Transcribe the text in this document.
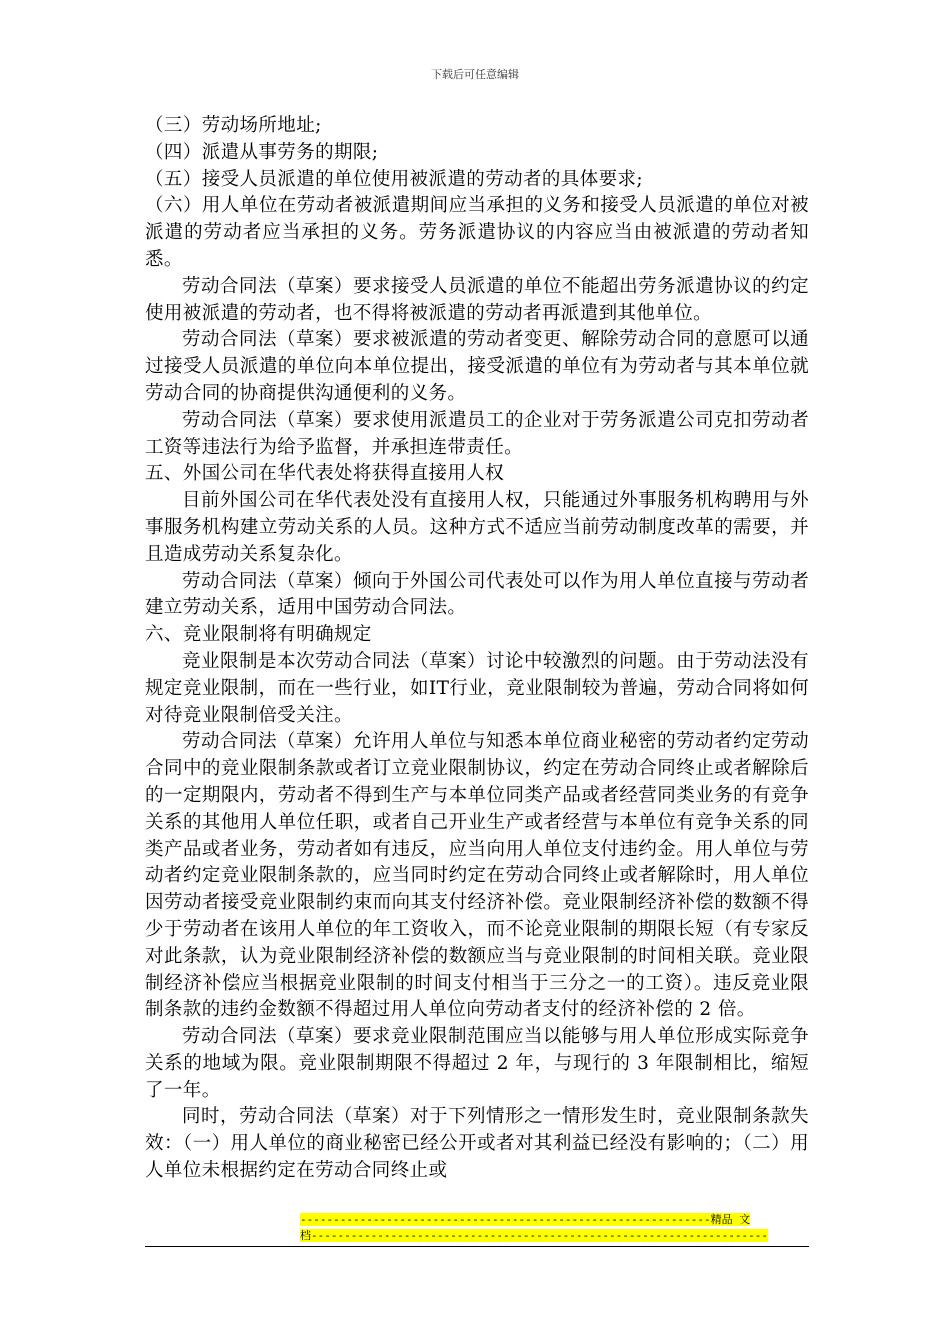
下载后可任意编辑

（三）劳动场所地址;

（四）派遣从事劳务的期限;

（五）接受人员派遣的单位使用被派遣的劳动者的具体要求;

（六）用人单位在劳动者被派遣期间应当承担的义务和接受人员派遣的单位对被派遣的劳动者应当承担的义务。劳务派遣协议的内容应当由被派遣的劳动者知悉。

劳动合同法（草案）要求接受人员派遣的单位不能超出劳务派遣协议的约定使用被派遣的劳动者，也不得将被派遣的劳动者再派遣到其他单位。

劳动合同法（草案）要求被派遣的劳动者变更、解除劳动合同的意愿可以通过接受人员派遣的单位向本单位提出，接受派遣的单位有为劳动者与其本单位就劳动合同的协商提供沟通便利的义务。

劳动合同法（草案）要求使用派遣员工的企业对于劳务派遣公司克扣劳动者工资等违法行为给予监督，并承担连带责任。

五、外国公司在华代表处将获得直接用人权

目前外国公司在华代表处没有直接用人权，只能通过外事服务机构聘用与外事服务机构建立劳动关系的人员。这种方式不适应当前劳动制度改革的需要，并且造成劳动关系复杂化。

劳动合同法（草案）倾向于外国公司代表处可以作为用人单位直接与劳动者建立劳动关系，适用中国劳动合同法。

六、竞业限制将有明确规定

竞业限制是本次劳动合同法（草案）讨论中较激烈的问题。由于劳动法没有规定竞业限制，而在一些行业，如IT行业，竞业限制较为普遍，劳动合同将如何对待竞业限制倍受关注。

劳动合同法（草案）允许用人单位与知悉本单位商业秘密的劳动者约定劳动合同中的竞业限制条款或者订立竞业限制协议，约定在劳动合同终止或者解除后的一定期限内，劳动者不得到生产与本单位同类产品或者经营同类业务的有竞争关系的其他用人单位任职，或者自己开业生产或者经营与本单位有竞争关系的同类产品或者业务，劳动者如有违反，应当向用人单位支付违约金。用人单位与劳动者约定竞业限制条款的，应当同时约定在劳动合同终止或者解除时，用人单位因劳动者接受竞业限制约束而向其支付经济补偿。竞业限制经济补偿的数额不得少于劳动者在该用人单位的年工资收入，而不论竞业限制的期限长短（有专家反对此条款，认为竞业限制经济补偿的数额应当与竞业限制的时间相关联。竞业限制经济补偿应当根据竞业限制的时间支付相当于三分之一的工资）。违反竞业限制条款的违约金数额不得超过用人单位向劳动者支付的经济补偿的 2 倍。

劳动合同法（草案）要求竞业限制范围应当以能够与用人单位形成实际竞争关系的地域为限。竞业限制期限不得超过 2 年，与现行的 3 年限制相比，缩短了一年。

同时，劳动合同法（草案）对于下列情形之一情形发生时，竞业限制条款失效：（一）用人单位的商业秘密已经公开或者对其利益已经没有影响的；（二）用人单位未根据约定在劳动合同终止或

--------------------------------------------------------------精品 文
档---------------------------------------------------------------------
